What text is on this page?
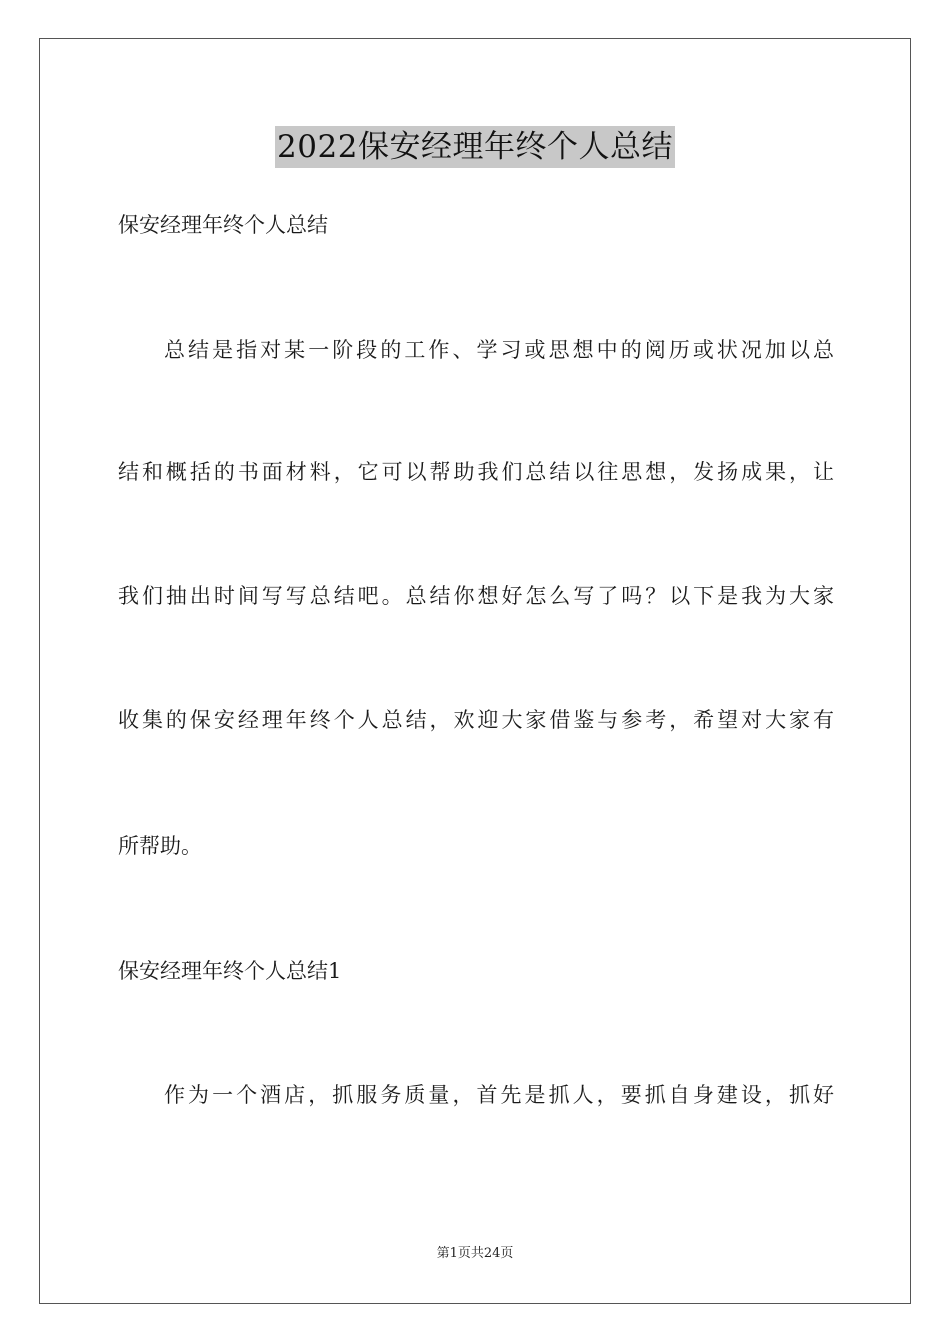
2022保安经理年终个人总结
保安经理年终个人总结
总结是指对某一阶段的工作、学习或思想中的阅历或状况加以总
结和概括的书面材料，它可以帮助我们总结以往思想，发扬成果，让
我们抽出时间写写总结吧。总结你想好怎么写了吗？以下是我为大家
收集的保安经理年终个人总结，欢迎大家借鉴与参考，希望对大家有
所帮助。
保安经理年终个人总结1
作为一个酒店，抓服务质量，首先是抓人，要抓自身建设，抓好
第1页共24页
